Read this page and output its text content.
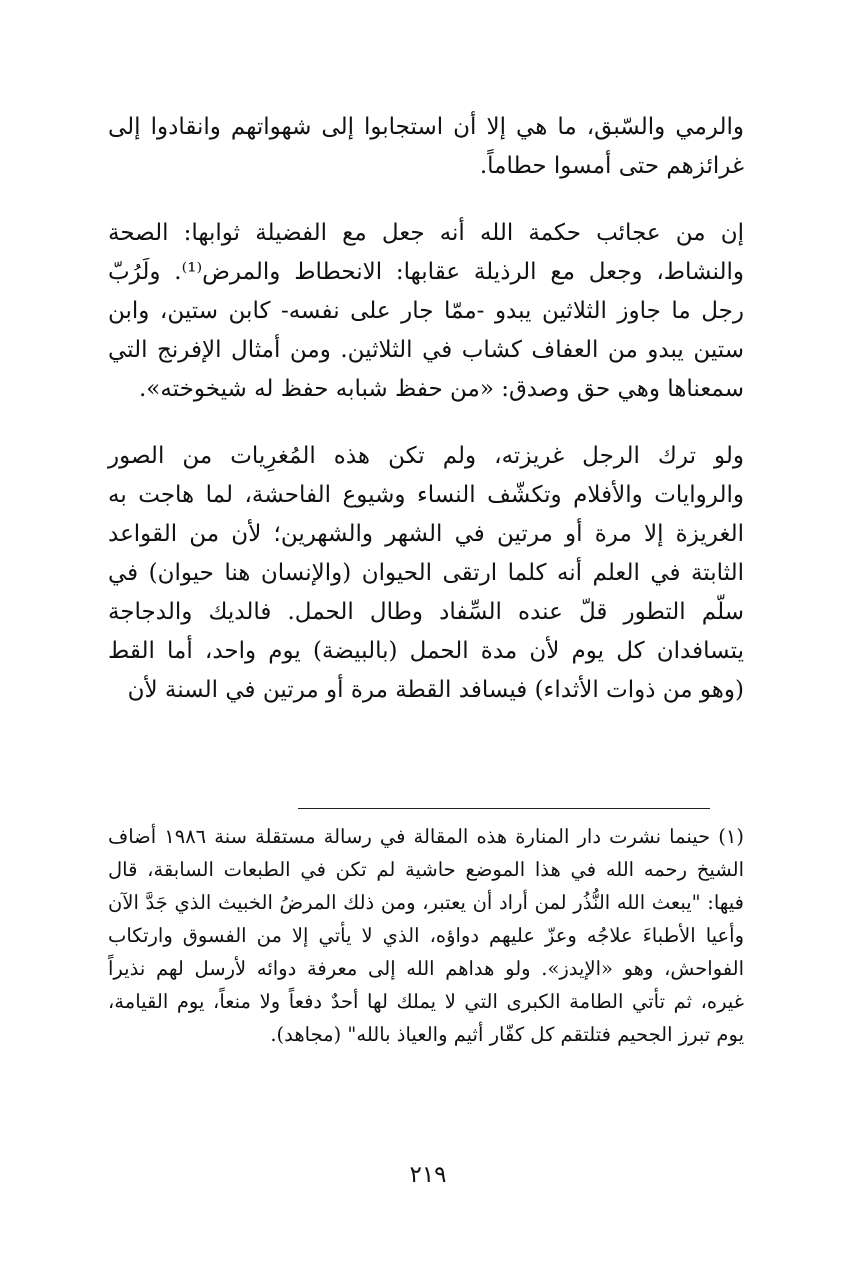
والرمي والسّبق، ما هي إلا أن استجابوا إلى شهواتهم وانقادوا إلى غرائزهم حتى أمسوا حطاماً.

إن من عجائب حكمة الله أنه جعل مع الفضيلة ثوابها: الصحة والنشاط، وجعل مع الرذيلة عقابها: الانحطاط والمرض⁽¹⁾. ولَرُبّ رجل ما جاوز الثلاثين يبدو -ممّا جار على نفسه- كابن ستين، وابن ستين يبدو من العفاف كشاب في الثلاثين. ومن أمثال الإفرنج التي سمعناها وهي حق وصدق: «من حفظ شبابه حفظ له شيخوخته».

ولو ترك الرجل غريزته، ولم تكن هذه المُغرِيات من الصور والروايات والأفلام وتكشّف النساء وشيوع الفاحشة، لما هاجت به الغريزة إلا مرة أو مرتين في الشهر والشهرين؛ لأن من القواعد الثابتة في العلم أنه كلما ارتقى الحيوان (والإنسان هنا حيوان) في سلّم التطور قلّ عنده السِّفاد وطال الحمل. فالديك والدجاجة يتسافدان كل يوم لأن مدة الحمل (بالبيضة) يوم واحد، أما القط (وهو من ذوات الأثداء) فيسافد القطة مرة أو مرتين في السنة لأن

(١) حينما نشرت دار المنارة هذه المقالة في رسالة مستقلة سنة ١٩٨٦ أضاف الشيخ رحمه الله في هذا الموضع حاشية لم تكن في الطبعات السابقة، قال فيها: "يبعث الله النُّذُر لمن أراد أن يعتبر، ومن ذلك المرضُ الخبيث الذي جَدَّ الآن وأعيا الأطباءَ علاجُه وعزّ عليهم دواؤه، الذي لا يأتي إلا من الفسوق وارتكاب الفواحش، وهو «الإيدز». ولو هداهم الله إلى معرفة دوائه لأرسل لهم نذيراً غيره، ثم تأتي الطامة الكبرى التي لا يملك لها أحدٌ دفعاً ولا منعاً، يوم القيامة، يوم تبرز الجحيم فتلتقم كل كفّار أثيم والعياذ بالله" (مجاهد).

٢١٩
